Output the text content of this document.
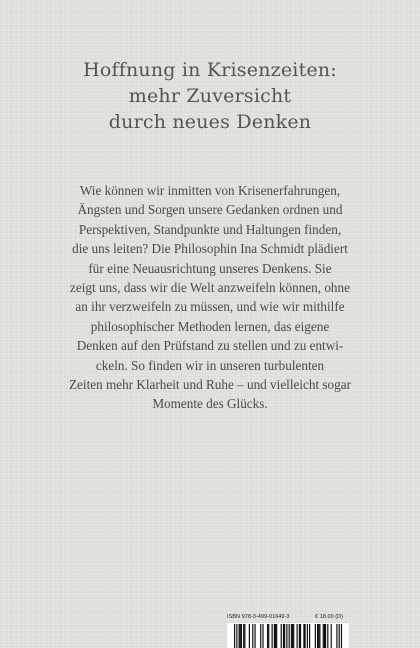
Hoffnung in Krisenzeiten:
mehr Zuversicht
durch neues Denken
Wie können wir inmitten von Krisenerfahrungen,
Ängsten und Sorgen unsere Gedanken ordnen und
Perspektiven, Standpunkte und Haltungen finden,
die uns leiten? Die Philosophin Ina Schmidt plädiert
für eine Neuausrichtung unseres Denkens. Sie
zeigt uns, dass wir die Welt anzweifeln können, ohne
an ihr verzweifeln zu müssen, und wie wir mithilfe
philosophischer Methoden lernen, das eigene
Denken auf den Prüfstand zu stellen und zu entwi-
ckeln. So finden wir in unseren turbulenten
Zeiten mehr Klarheit und Ruhe – und vielleicht sogar
Momente des Glücks.
ISBN 978-3-499-01649-3	€ 18.00 (D)
